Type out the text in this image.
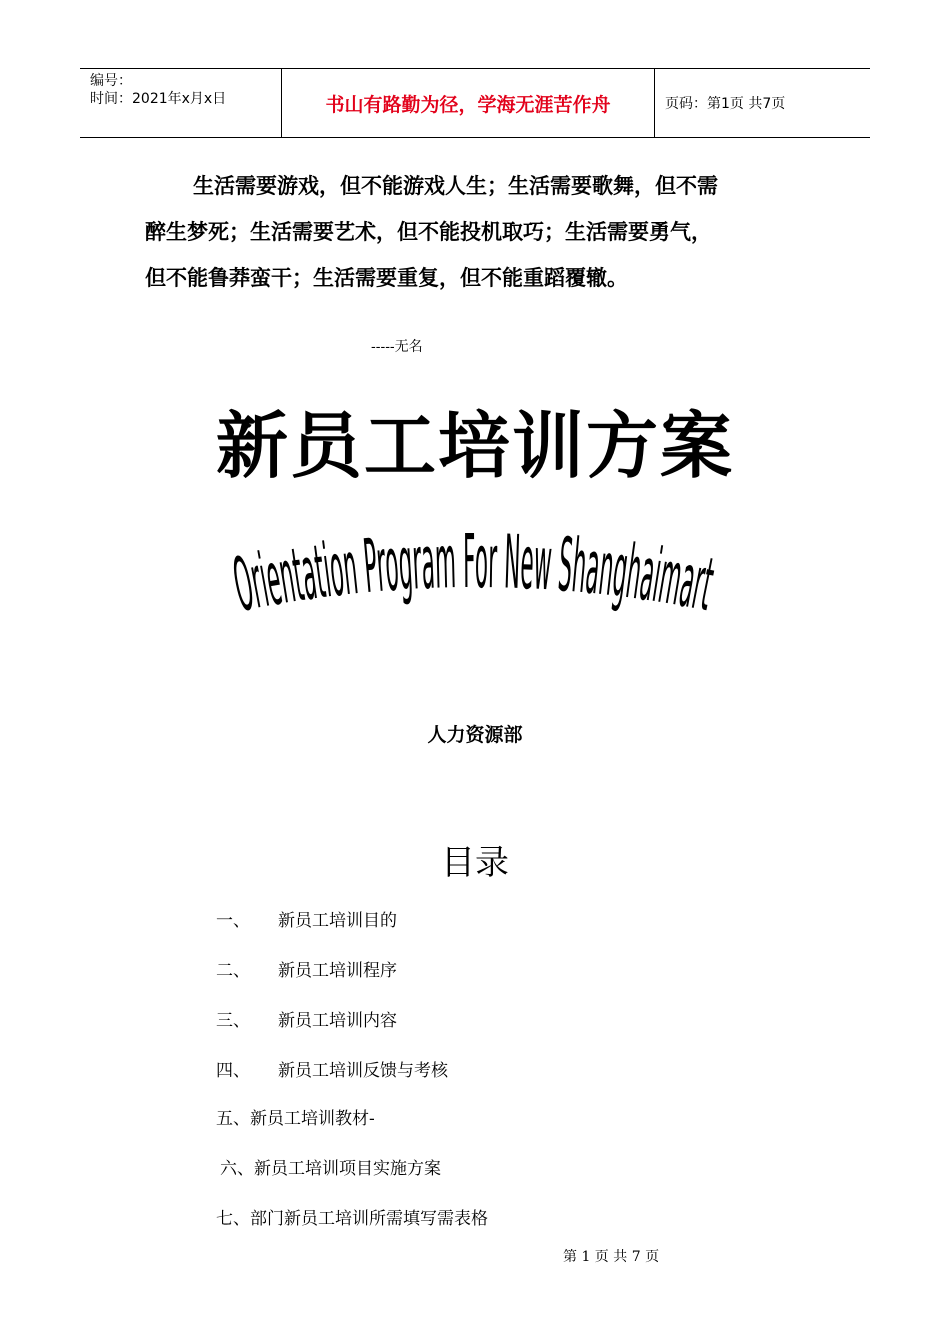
编号：
时间：2021年x月x日	书山有路勤为径，学海无涯苦作舟	页码：第1页 共7页

生活需要游戏，但不能游戏人生；生活需要歌舞，但不需

醉生梦死；生活需要艺术，但不能投机取巧；生活需要勇气，

但不能鲁莽蛮干；生活需要重复，但不能重蹈覆辙。

-----无名
新员工培训方案
Orientation Program For New Shanghai
人力资源部
目录
一、 新员工培训目的
二、 新员工培训程序
三、 新员工培训内容
四、 新员工培训反馈与考核
五、新员工培训教材-
六、新员工培训项目实施方案
七、部门新员工培训所需填写需表格
第 1 页 共 7 页
